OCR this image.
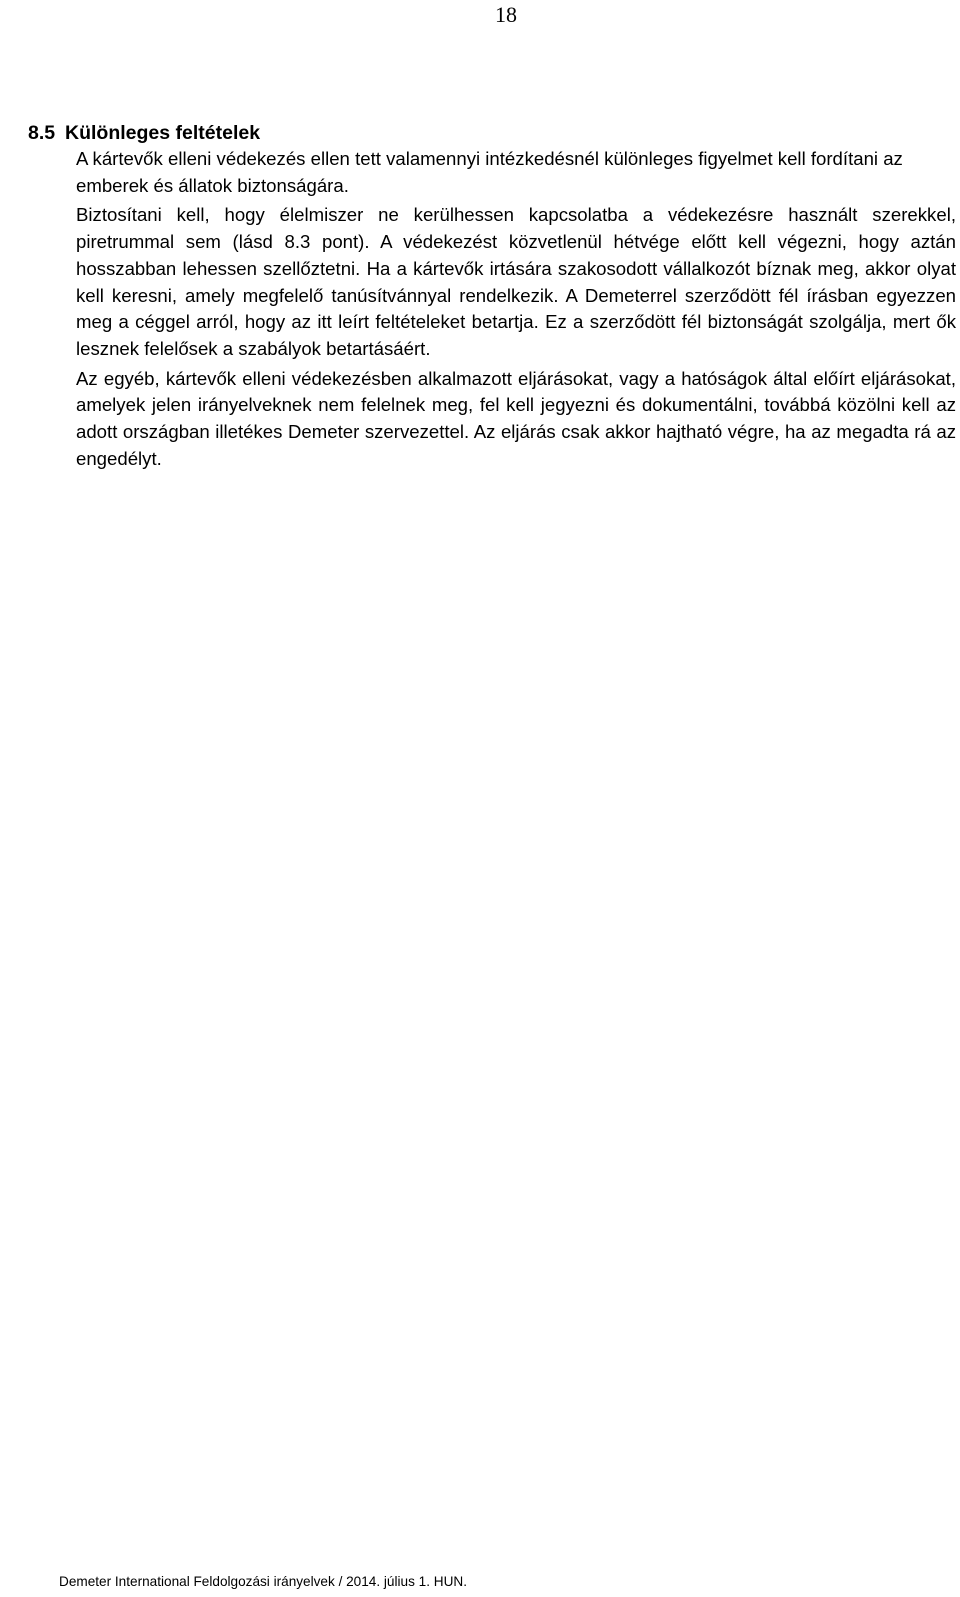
18
8.5 Különleges feltételek

A kártevők elleni védekezés ellen tett valamennyi intézkedésnél különleges figyelmet kell fordítani az emberek és állatok biztonságára.

Biztosítani kell, hogy élelmiszer ne kerülhessen kapcsolatba a védekezésre használt szerekkel, piretrummal sem (lásd 8.3 pont). A védekezést közvetlenül hétvége előtt kell végezni, hogy aztán hosszabban lehessen szellőztetni. Ha a kártevők irtására szakosodott vállalkozót bíznak meg, akkor olyat kell keresni, amely megfelelő tanúsítvánnyal rendelkezik. A Demeterrel szerződött fél írásban egyezzen meg a céggel arról, hogy az itt leírt feltételeket betartja. Ez a szerződött fél biztonságát szolgálja, mert ők lesznek felelősek a szabályok betartásáért.

Az egyéb, kártevők elleni védekezésben alkalmazott eljárásokat, vagy a hatóságok által előírt eljárásokat, amelyek jelen irányelveknek nem felelnek meg, fel kell jegyezni és dokumentálni, továbbá közölni kell az adott országban illetékes Demeter szervezettel. Az eljárás csak akkor hajtható végre, ha az megadta rá az engedélyt.

Demeter International Feldolgozási irányelvek / 2014. július 1. HUN.
